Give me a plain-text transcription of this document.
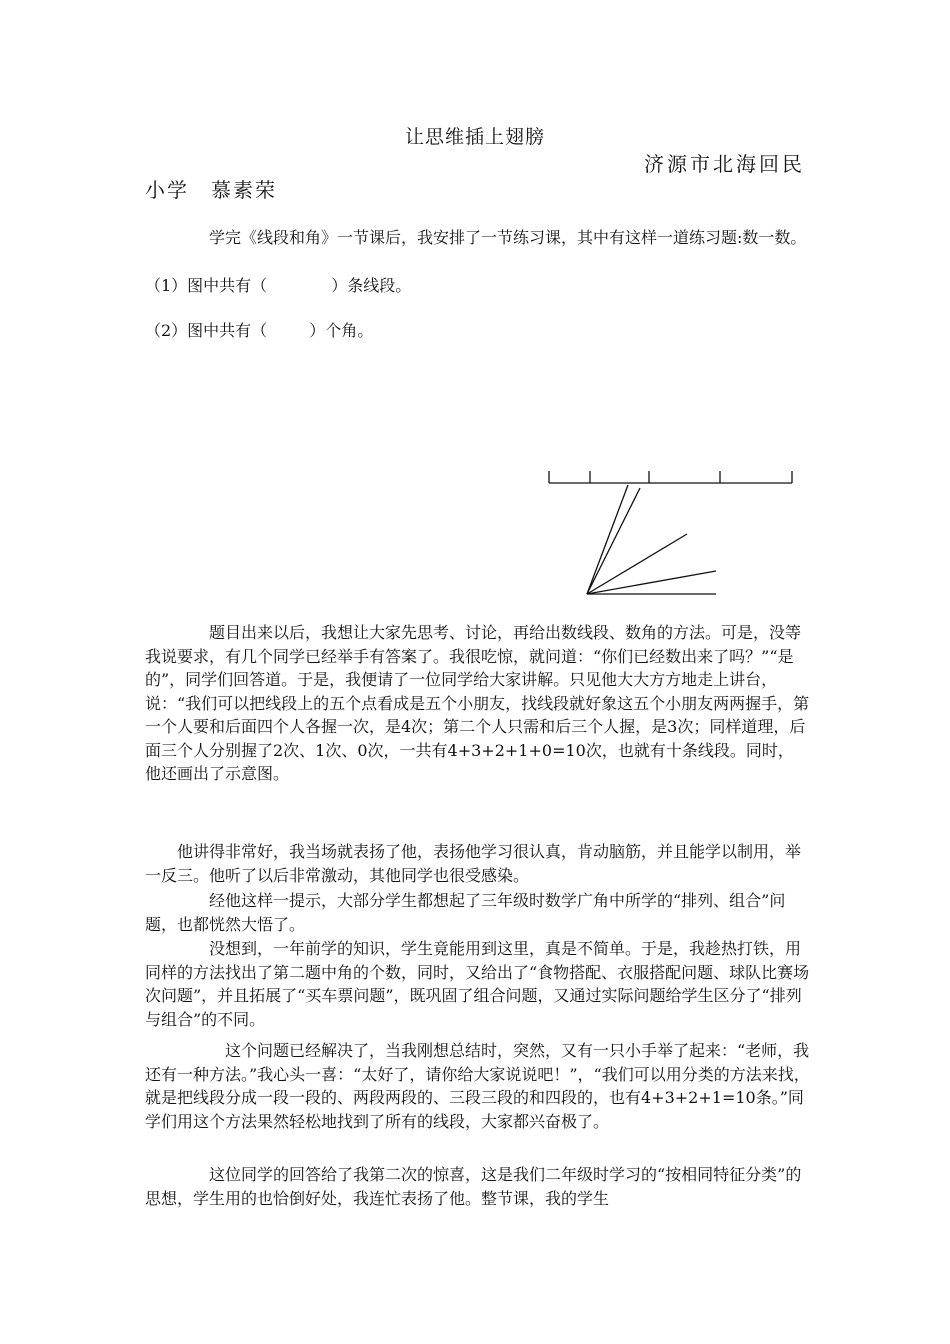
让思维插上翅膀
济源市北海回民
小学 慕素荣
学完《线段和角》一节课后，我安排了一节练习课，其中有这样一道练习题:数一数。
（1）图中共有（	）条线段。
（2）图中共有（	）个角。
题目出来以后，我想让大家先思考、讨论，再给出数线段、数角的方法。可是，没等我说要求，有几个同学已经举手有答案了。我很吃惊，就问道：“你们已经数出来了吗？”“是的”，同学们回答道。于是，我便请了一位同学给大家讲解。只见他大大方方地走上讲台，说：“我们可以把线段上的五个点看成是五个小朋友，找线段就好象这五个小朋友两两握手，第一个人要和后面四个人各握一次，是4次；第二个人只需和后三个人握，是3次；同样道理，后面三个人分别握了2次、1次、0次，一共有4+3+2+1+0=10次，也就有十条线段。同时， 他还画出了示意图。
他讲得非常好，我当场就表扬了他，表扬他学习很认真，肯动脑筋，并且能学以制用，举一反三。他听了以后非常激动，其他同学也很受感染。
经他这样一提示，大部分学生都想起了三年级时数学广角中所学的“排列、组合”问题，也都恍然大悟了。
没想到，一年前学的知识，学生竟能用到这里，真是不简单。于是，我趁热打铁，用同样的方法找出了第二题中角的个数，同时，又给出了“食物搭配、衣服搭配问题、球队比赛场次问题”，并且拓展了“买车票问题”，既巩固了组合问题，又通过实际问题给学生区分了“排列与组合”的不同。
这个问题已经解决了，当我刚想总结时，突然，又有一只小手举了起来：“老师，我还有一种方法。”我心头一喜：“太好了，请你给大家说说吧！”，“我们可以用分类的方法来找，就是把线段分成一段一段的、两段两段的、三段三段的和四段的，也有4+3+2+1=10条。”同学们用这个方法果然轻松地找到了所有的线段，大家都兴奋极了。
这位同学的回答给了我第二次的惊喜，这是我们二年级时学习的“按相同特征分类”的思想，学生用的也恰倒好处，我连忙表扬了他。整节课，我的学生
